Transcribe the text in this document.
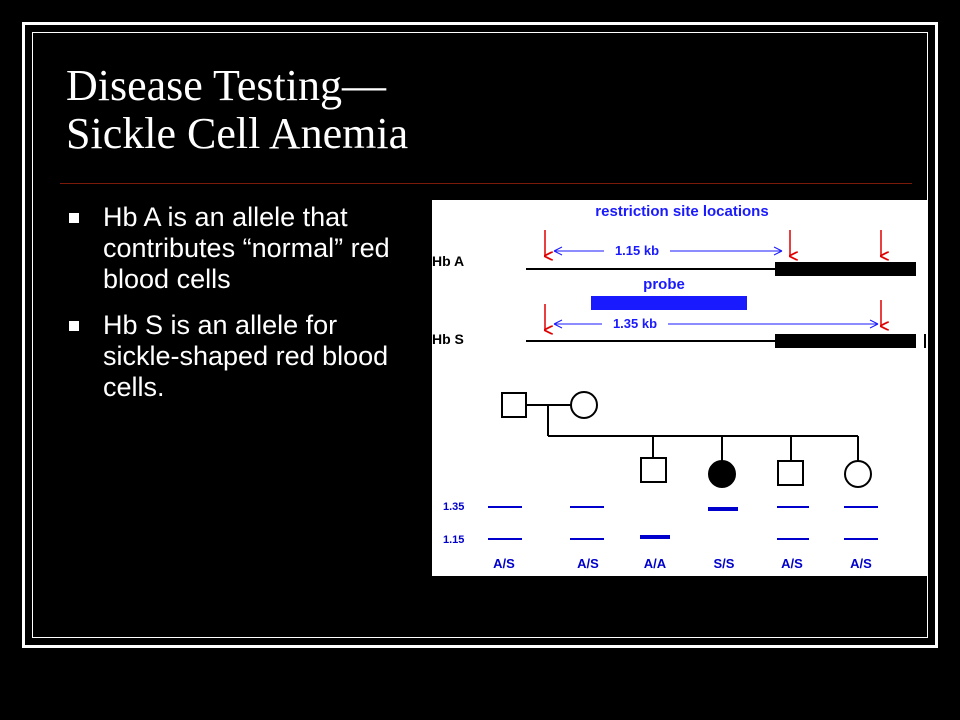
Disease Testing—
Sickle Cell Anemia
Hb A is an allele that contributes “normal” red blood cells
Hb S is an allele for sickle-shaped red blood cells.
restriction site locations
Hb A
1.15 kb
probe
Hb S
1.35 kb
1.35
1.15
A/S	A/S	A/A	S/S	A/S	A/S
